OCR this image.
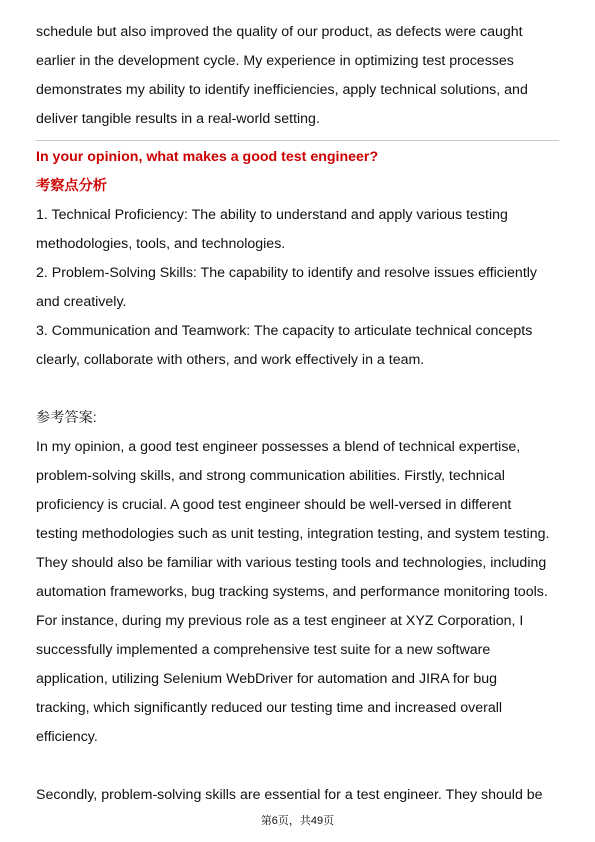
schedule but also improved the quality of our product, as defects were caught
earlier in the development cycle. My experience in optimizing test processes
demonstrates my ability to identify inefficiencies, apply technical solutions, and
deliver tangible results in a real-world setting.
In your opinion, what makes a good test engineer?
考察点分析
1. Technical Proficiency: The ability to understand and apply various testing
methodologies, tools, and technologies.
2. Problem-Solving Skills: The capability to identify and resolve issues efficiently
and creatively.
3. Communication and Teamwork: The capacity to articulate technical concepts
clearly, collaborate with others, and work effectively in a team.
参考答案:
In my opinion, a good test engineer possesses a blend of technical expertise,
problem-solving skills, and strong communication abilities. Firstly, technical
proficiency is crucial. A good test engineer should be well-versed in different
testing methodologies such as unit testing, integration testing, and system testing.
They should also be familiar with various testing tools and technologies, including
automation frameworks, bug tracking systems, and performance monitoring tools.
For instance, during my previous role as a test engineer at XYZ Corporation, I
successfully implemented a comprehensive test suite for a new software
application, utilizing Selenium WebDriver for automation and JIRA for bug
tracking, which significantly reduced our testing time and increased overall
efficiency.
Secondly, problem-solving skills are essential for a test engineer. They should be
第6页，共49页
